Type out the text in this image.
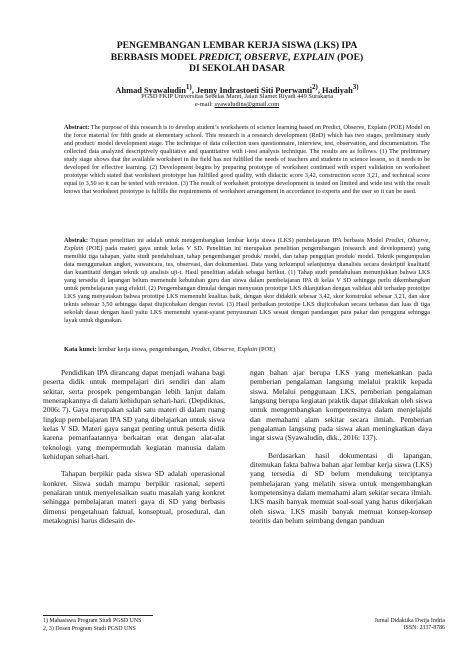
PENGEMBANGAN LEMBAR KERJA SISWA (LKS) IPA
BERBASIS MODEL PREDICT, OBSERVE, EXPLAIN (POE)
DI SEKOLAH DASAR
Ahmad Syawaludin$^{1)}$, Jenny Indrastoeti Siti Poerwanti$^{2)}$, Hadiyah$^{3)}$
PGSD FKIP Universitas Sebelas Maret, Jalan Slamet Riyadi 449 Surakarta
e-mail: syawaludins@gmail.com
Abstract: The purpose of this research is to develop student’s worksheets of science learning based on Predict, Observe, Explain (POE) Model on the force material for fifth grade at elementary school. This research is a research development (RnD) which has two stages, preliminary study and product/ model development stage. The technique of data collection uses questionnaire, interview, test, observation, and documentation. The collected data analyzed descriptively qualitative and quantitative with t-test analysis technique. The results are as follows. (1) The preliminary study stage shows that the available worksheet in the field has not fulfilled the needs of teachers and students in science lesson, so it needs to be developed for effective learning. (2) Development begins by preparing prototype of worksheet continued with expert validation on worksheet prototype which stated that worksheet prototype has fulfilled good quality, with didactic score 3,42, construction score 3,21, and technical score equal to 3,50 so it can be tested with revision. (3) The result of worksheet prototype development is tested on limited and wide test with the result knows that worksheet prototype is fulfills the requirements of worksheet arrangement in accordance to experts and the user so it can be used.
Abstrak: Tujuan penelitian ini adalah untuk mengembangkan lembar kerja siswa (LKS) pembelajaran IPA berbasis Model Predict, Observe, Explain (POE) pada materi gaya untuk kelas V SD. Penelitian ini merupakan penelitian pengembangan (research and development) yang memiliki tiga tahapan, yaitu studi pendahuluan, tahap pengembangan produk/ model, dan tahap pengujian produk/ model. Teknik pengumpulan data menggunakan angket, wawancara, tes, observasi, dan dokumentasi. Data yang terkumpul selanjutnya dianalisis secara deskriptif kualitatif dan kuantitatif dengan teknik uji analisis uji-t. Hasil penelitian adalah sebagai berikut. (1) Tahap studi pendahuluan menunjukkan bahwa LKS yang tersedia di lapangan belum memenuhi kebutuhan guru dan siswa dalam pembelajaran IPA di kelas V SD sehingga perlu dikembangkan untuk pembelajaran yang efektif. (2) Pengembangan dimulai dengan menyusun prototipe LKS dilanjutkan dengan validasi ahli terhadap prototipe LKS yang menyatakan bahwa prototipe LKS memenuhi kualitas baik, dengan skor didaktik sebesar 3,42, skor konstruksi sebesar 3,21, dan skor teknis sebesar 3,50 sehingga dapat diujicobakan dengan revisi. (3) Hasil perbaikan prototipe LKS diujicobakan secara terbatas dan luas di tiga sekolah dasar dengan hasil yaitu LKS memenuhi syarat-syarat penyusunan LKS sesuai dengan pandangan para pakar dan pengguna sehingga layak untuk digunakan.
Kata kunci: lembar kerja siswa, pengembangan, Predict, Observe, Explain (POE)

Pendidikan IPA dirancang dapat menjadi wahana bagi peserta didik untuk mempelajari diri sendiri dan alam sekitar, serta prospek pengembangan lebih lanjut dalam menerapkannya di dalam kehidupan sehari-hari. (Depdiknas, 2006: 7). Gaya merupakan salah satu materi di dalam ruang lingkup pembelajaran IPA SD yang dibelajarkan untuk siswa kelas V SD. Materi gaya sangat penting untuk peserta didik karena pemanfaatannya berkaitan erat dengan alat-alat teknologi yang mempermudah kegiatan manusia dalam kehidupan sehari-hari.

Tahapan berpikir pada siswa SD adalah operasional konkret. Siswa sudah mampu berpikir rasional, seperti penalaran untuk menyelesaikan suatu masalah yang konkret sehingga pembelajaran materi gaya di SD yang berbasis dimensi pengetahuan faktual, konseptual, prosedural, dan metakognisi harus didesain de-

ngan bahan ajar berupa LKS yang menekankan pada pemberian pengalaman langsung melalui praktik kepada siswa. Melalui penggunaan LKS, pemberian pengalaman langsung berupa kegiatan praktik dapat dilakukan oleh siswa untuk mengembangkan kompetensinya dalam menjelajahi dan memahami alam sekitar secara ilmiah. Pemberian pengalaman langsung pada siswa akan meningkatkan daya ingat siswa (Syawaludin, dkk., 2016: 137).

Berdasarkan hasil dokumentasi di lapangan, ditemukan fakta bahwa bahan ajar lembar kerja siswa (LKS) yang tersedia di SD belum mendukung terciptanya pembelajaran yang melatih siswa untuk mengembangkan kompetensinya dalam memahami alam sekitar secara ilmiah. LKS masih banyak memuat soal-soal yang harus dikerjakan oleh siswa. LKS masih banyak memuat konsep-konsep teoritis dan belum seimbang dengan panduan

1) Mahasiswa Program Studi PGSD UNS
2, 3) Dosen Program Studi PGSD UNS
Jurnal Didaktika Dwija Indria
ISSN: 2337-8786
